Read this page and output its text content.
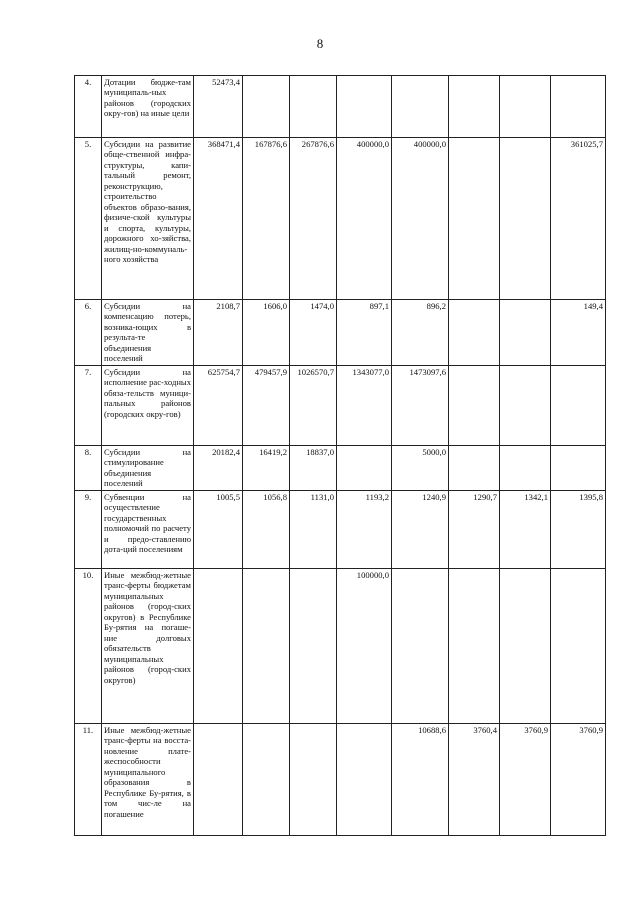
8
4.	Дотации бюдже-там муниципаль-ных районов (городских окру-гов) на иные цели	52473,4							
5.	Субсидии на развитие обще-ственной инфра-структуры, капи-тальный ремонт, реконструкцию, строительство объектов образо-вания, физиче-ской культуры и спорта, культуры, дорожного хо-зяйства, жилищ-но-коммуналь-ного хозяйства	368471,4	167876,6	267876,6	400000,0	400000,0			361025,7
6.	Субсидии на компенсацию потерь, возника-ющих в результа-те объединения поселений	2108,7	1606,0	1474,0	897,1	896,2			149,4
7.	Субсидии на исполнение рас-ходных обяза-тельств муници-пальных районов (городских окру-гов)	625754,7	479457,9	1026570,7	1343077,0	1473097,6			
8.	Субсидии на стимулирование объединения поселений	20182,4	16419,2	18837,0		5000,0			
9.	Субвенции на осуществление государственных полномочий по расчету и предо-ставлению дота-ций поселениям	1005,5	1056,8	1131,0	1193,2	1240,9	1290,7	1342,1	1395,8
10.	Иные межбюд-жетные транс-ферты бюджетам муниципальных районов (город-ских округов) в Республике Бу-рятия на погаше-ние долговых обязательств муниципальных районов (город-ских округов)				100000,0				
11.	Иные межбюд-жетные транс-ферты на восста-новление плате-жеспособности муниципального образования в Республике Бу-рятия, в том чис-ле на погашение					10688,6	3760,4	3760,9	3760,9
